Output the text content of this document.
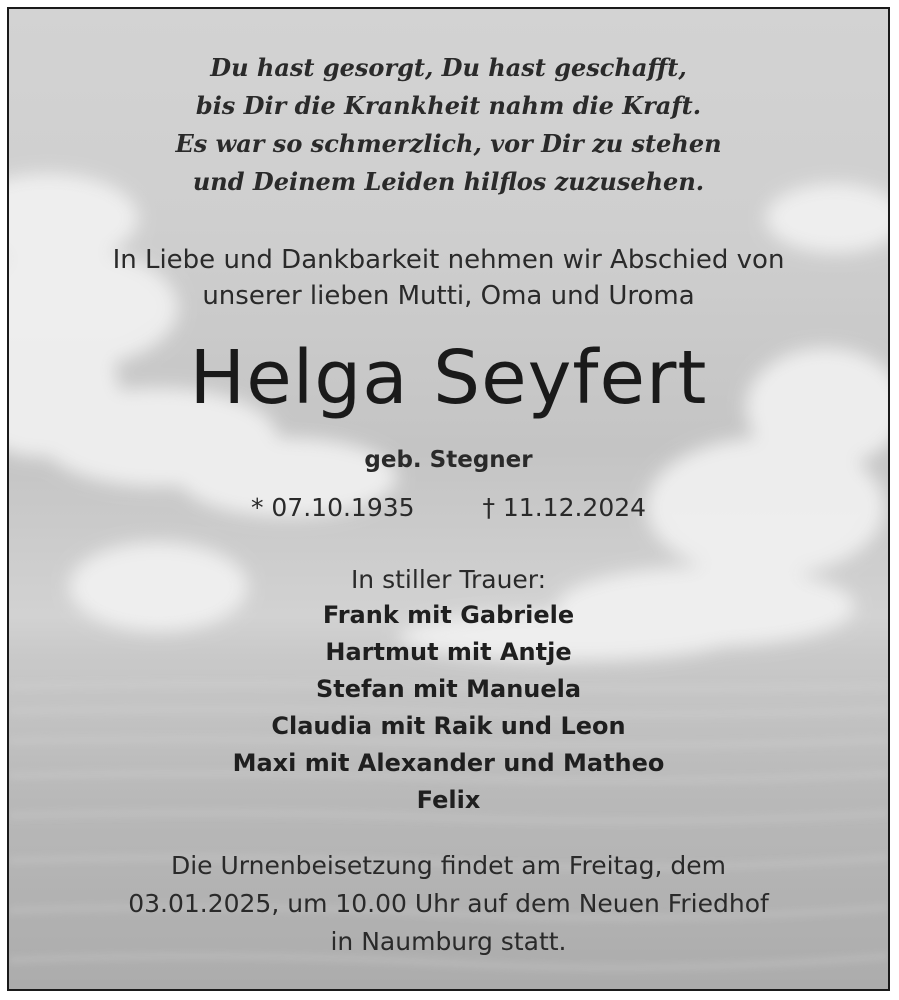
Du hast gesorgt, Du hast geschafft,
bis Dir die Krankheit nahm die Kraft.
Es war so schmerzlich, vor Dir zu stehen
und Deinem Leiden hilflos zuzusehen.
In Liebe und Dankbarkeit nehmen wir Abschied von
unserer lieben Mutti, Oma und Uroma
Helga Seyfert
geb. Stegner
* 07.10.1935	† 11.12.2024
In stiller Trauer:
Frank mit Gabriele
Hartmut mit Antje
Stefan mit Manuela
Claudia mit Raik und Leon
Maxi mit Alexander und Matheo
Felix
Die Urnenbeisetzung findet am Freitag, dem
03.01.2025, um 10.00 Uhr auf dem Neuen Friedhof
in Naumburg statt.
